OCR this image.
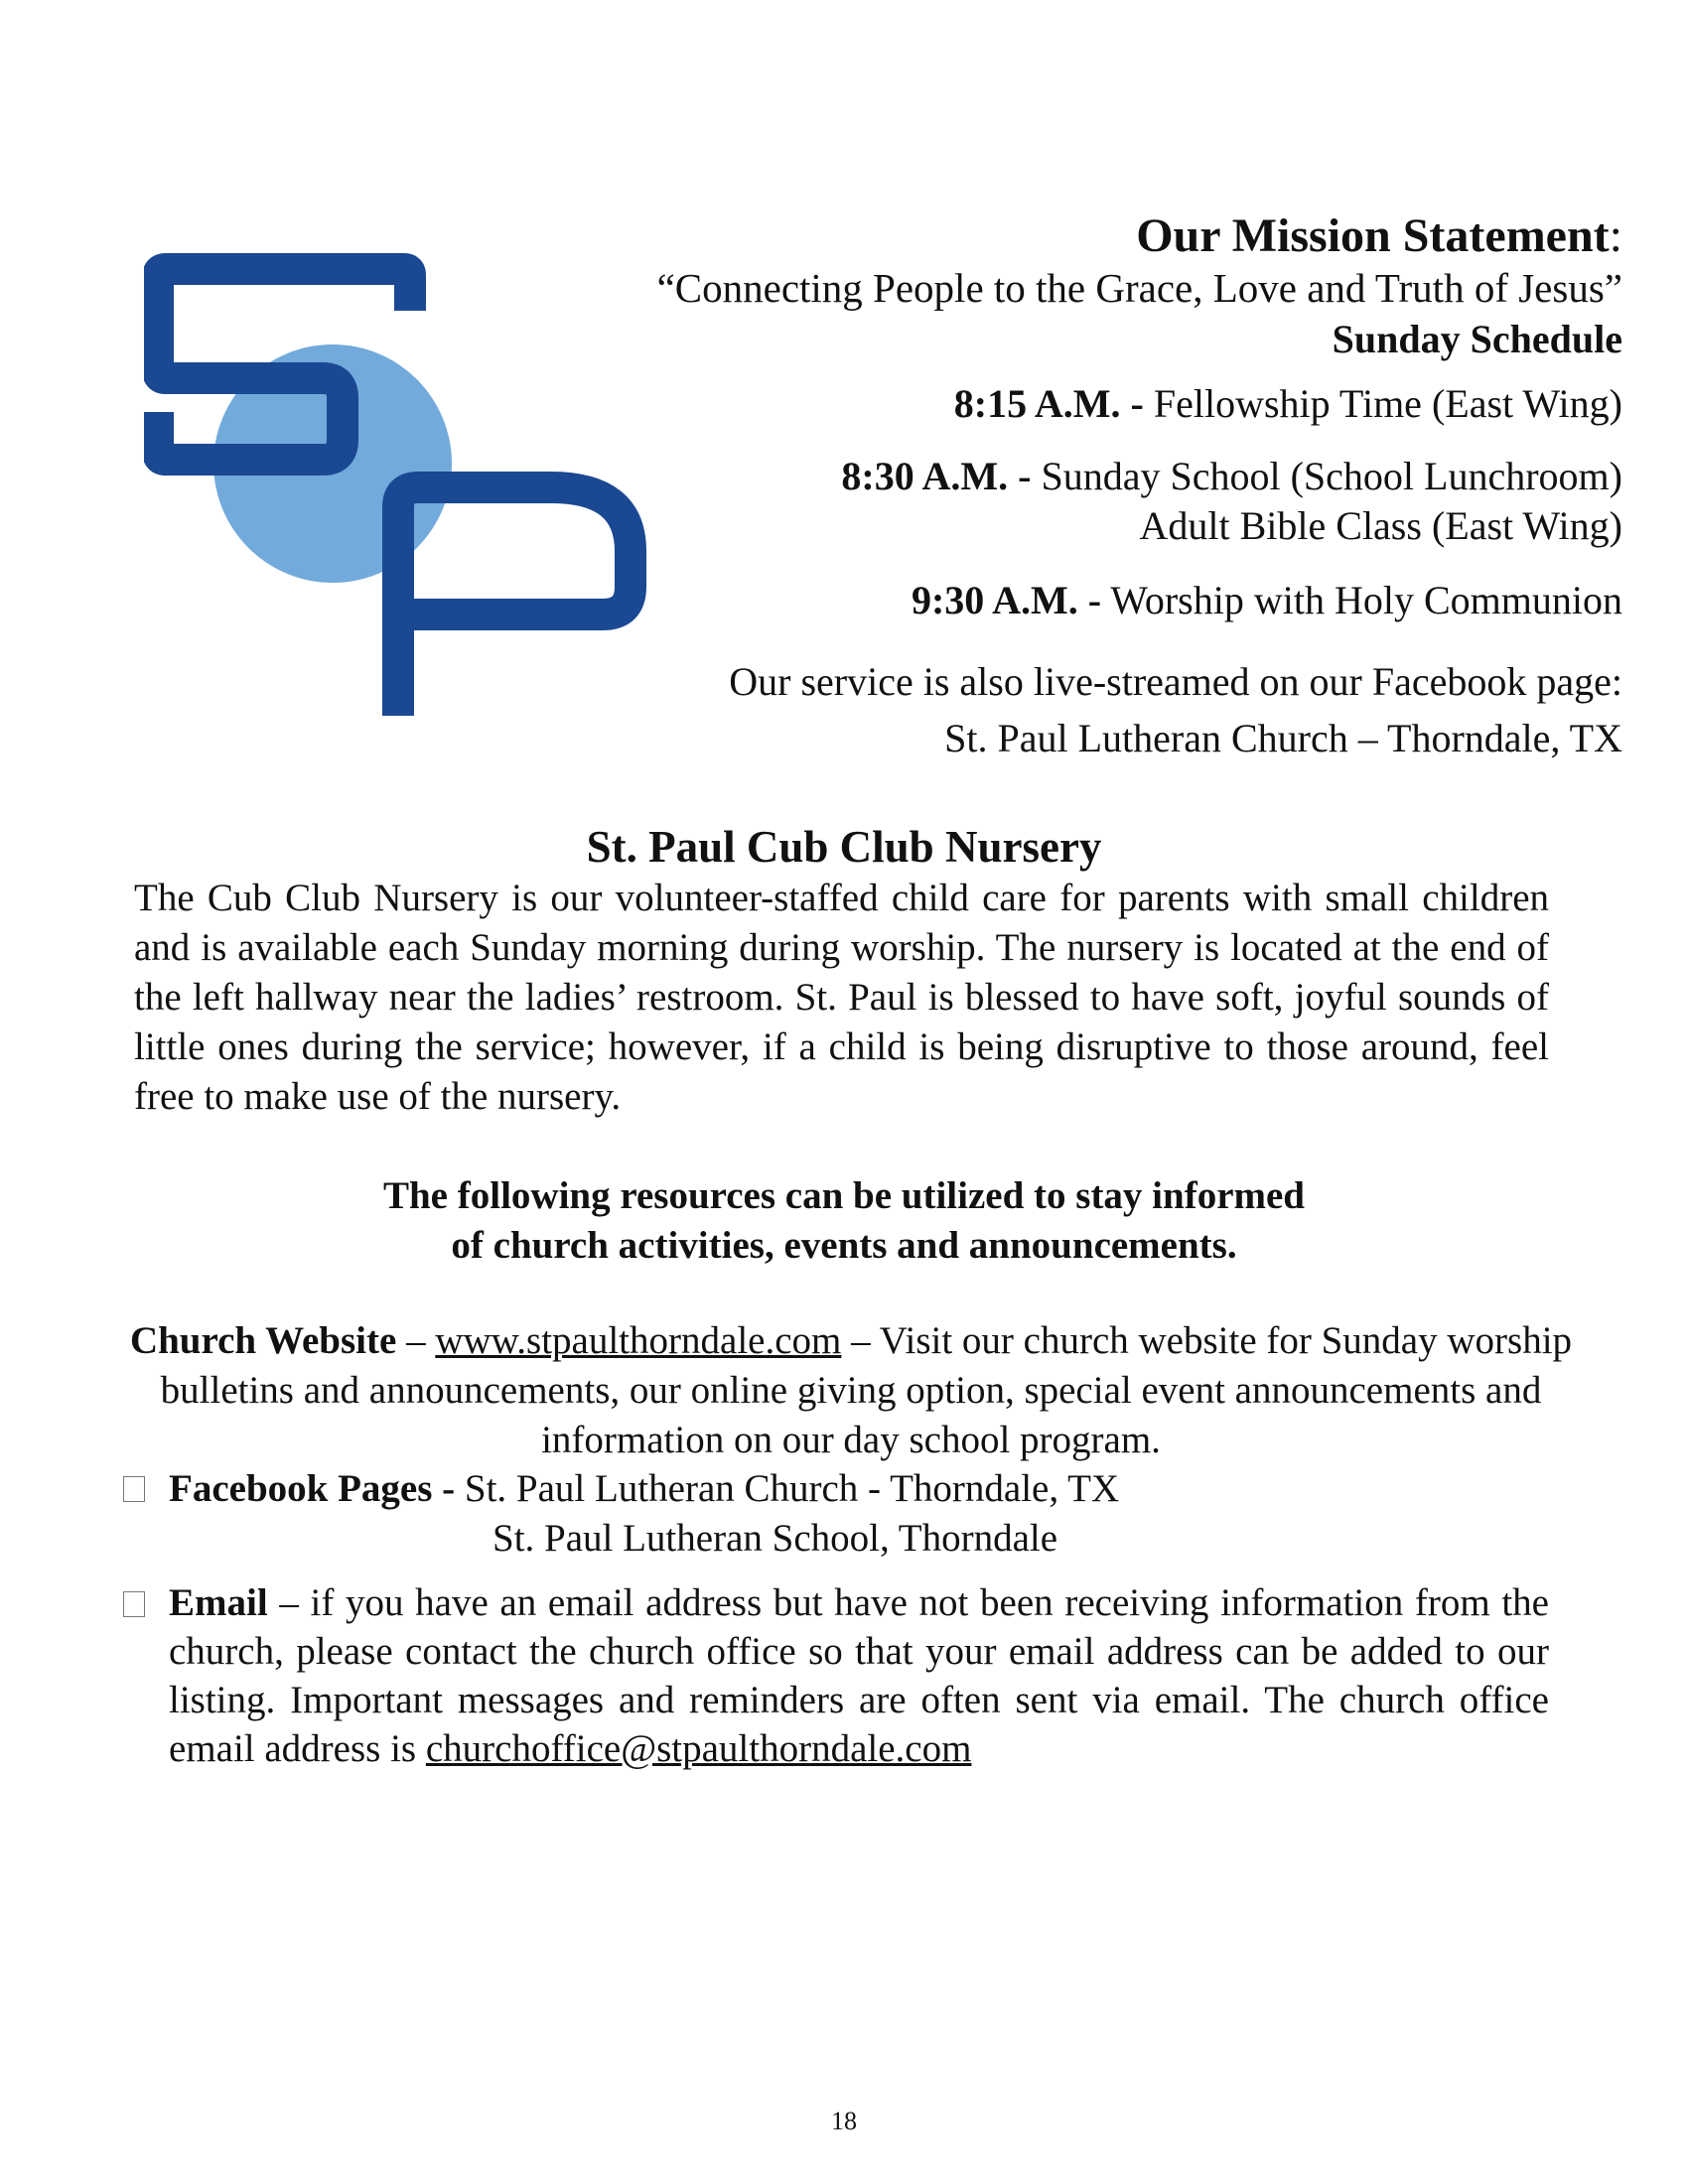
Our Mission Statement:
“Connecting People to the Grace, Love and Truth of Jesus”
Sunday Schedule
8:15 A.M. - Fellowship Time (East Wing)
8:30 A.M. - Sunday School (School Lunchroom)
Adult Bible Class (East Wing)
9:30 A.M. - Worship with Holy Communion
Our service is also live-streamed on our Facebook page:
St. Paul Lutheran Church – Thorndale, TX
St. Paul Cub Club Nursery

The Cub Club Nursery is our volunteer-staffed child care for parents with small children and is available each Sunday morning during worship. The nursery is located at the end of the left hallway near the ladies’ restroom. St. Paul is blessed to have soft, joyful sounds of little ones during the service; however, if a child is being disruptive to those around, feel free to make use of the nursery.

The following resources can be utilized to stay informed
of church activities, events and announcements.
Church Website – www.stpaulthorndale.com – Visit our church website for Sunday worship bulletins and announcements, our online giving option, special event announcements and information on our day school program.
Facebook Pages - St. Paul Lutheran Church - Thorndale, TX
St. Paul Lutheran School, Thorndale
Email – if you have an email address but have not been receiving information from the church, please contact the church office so that your email address can be added to our listing. Important messages and reminders are often sent via email. The church office email address is churchoffice@stpaulthorndale.com
18
